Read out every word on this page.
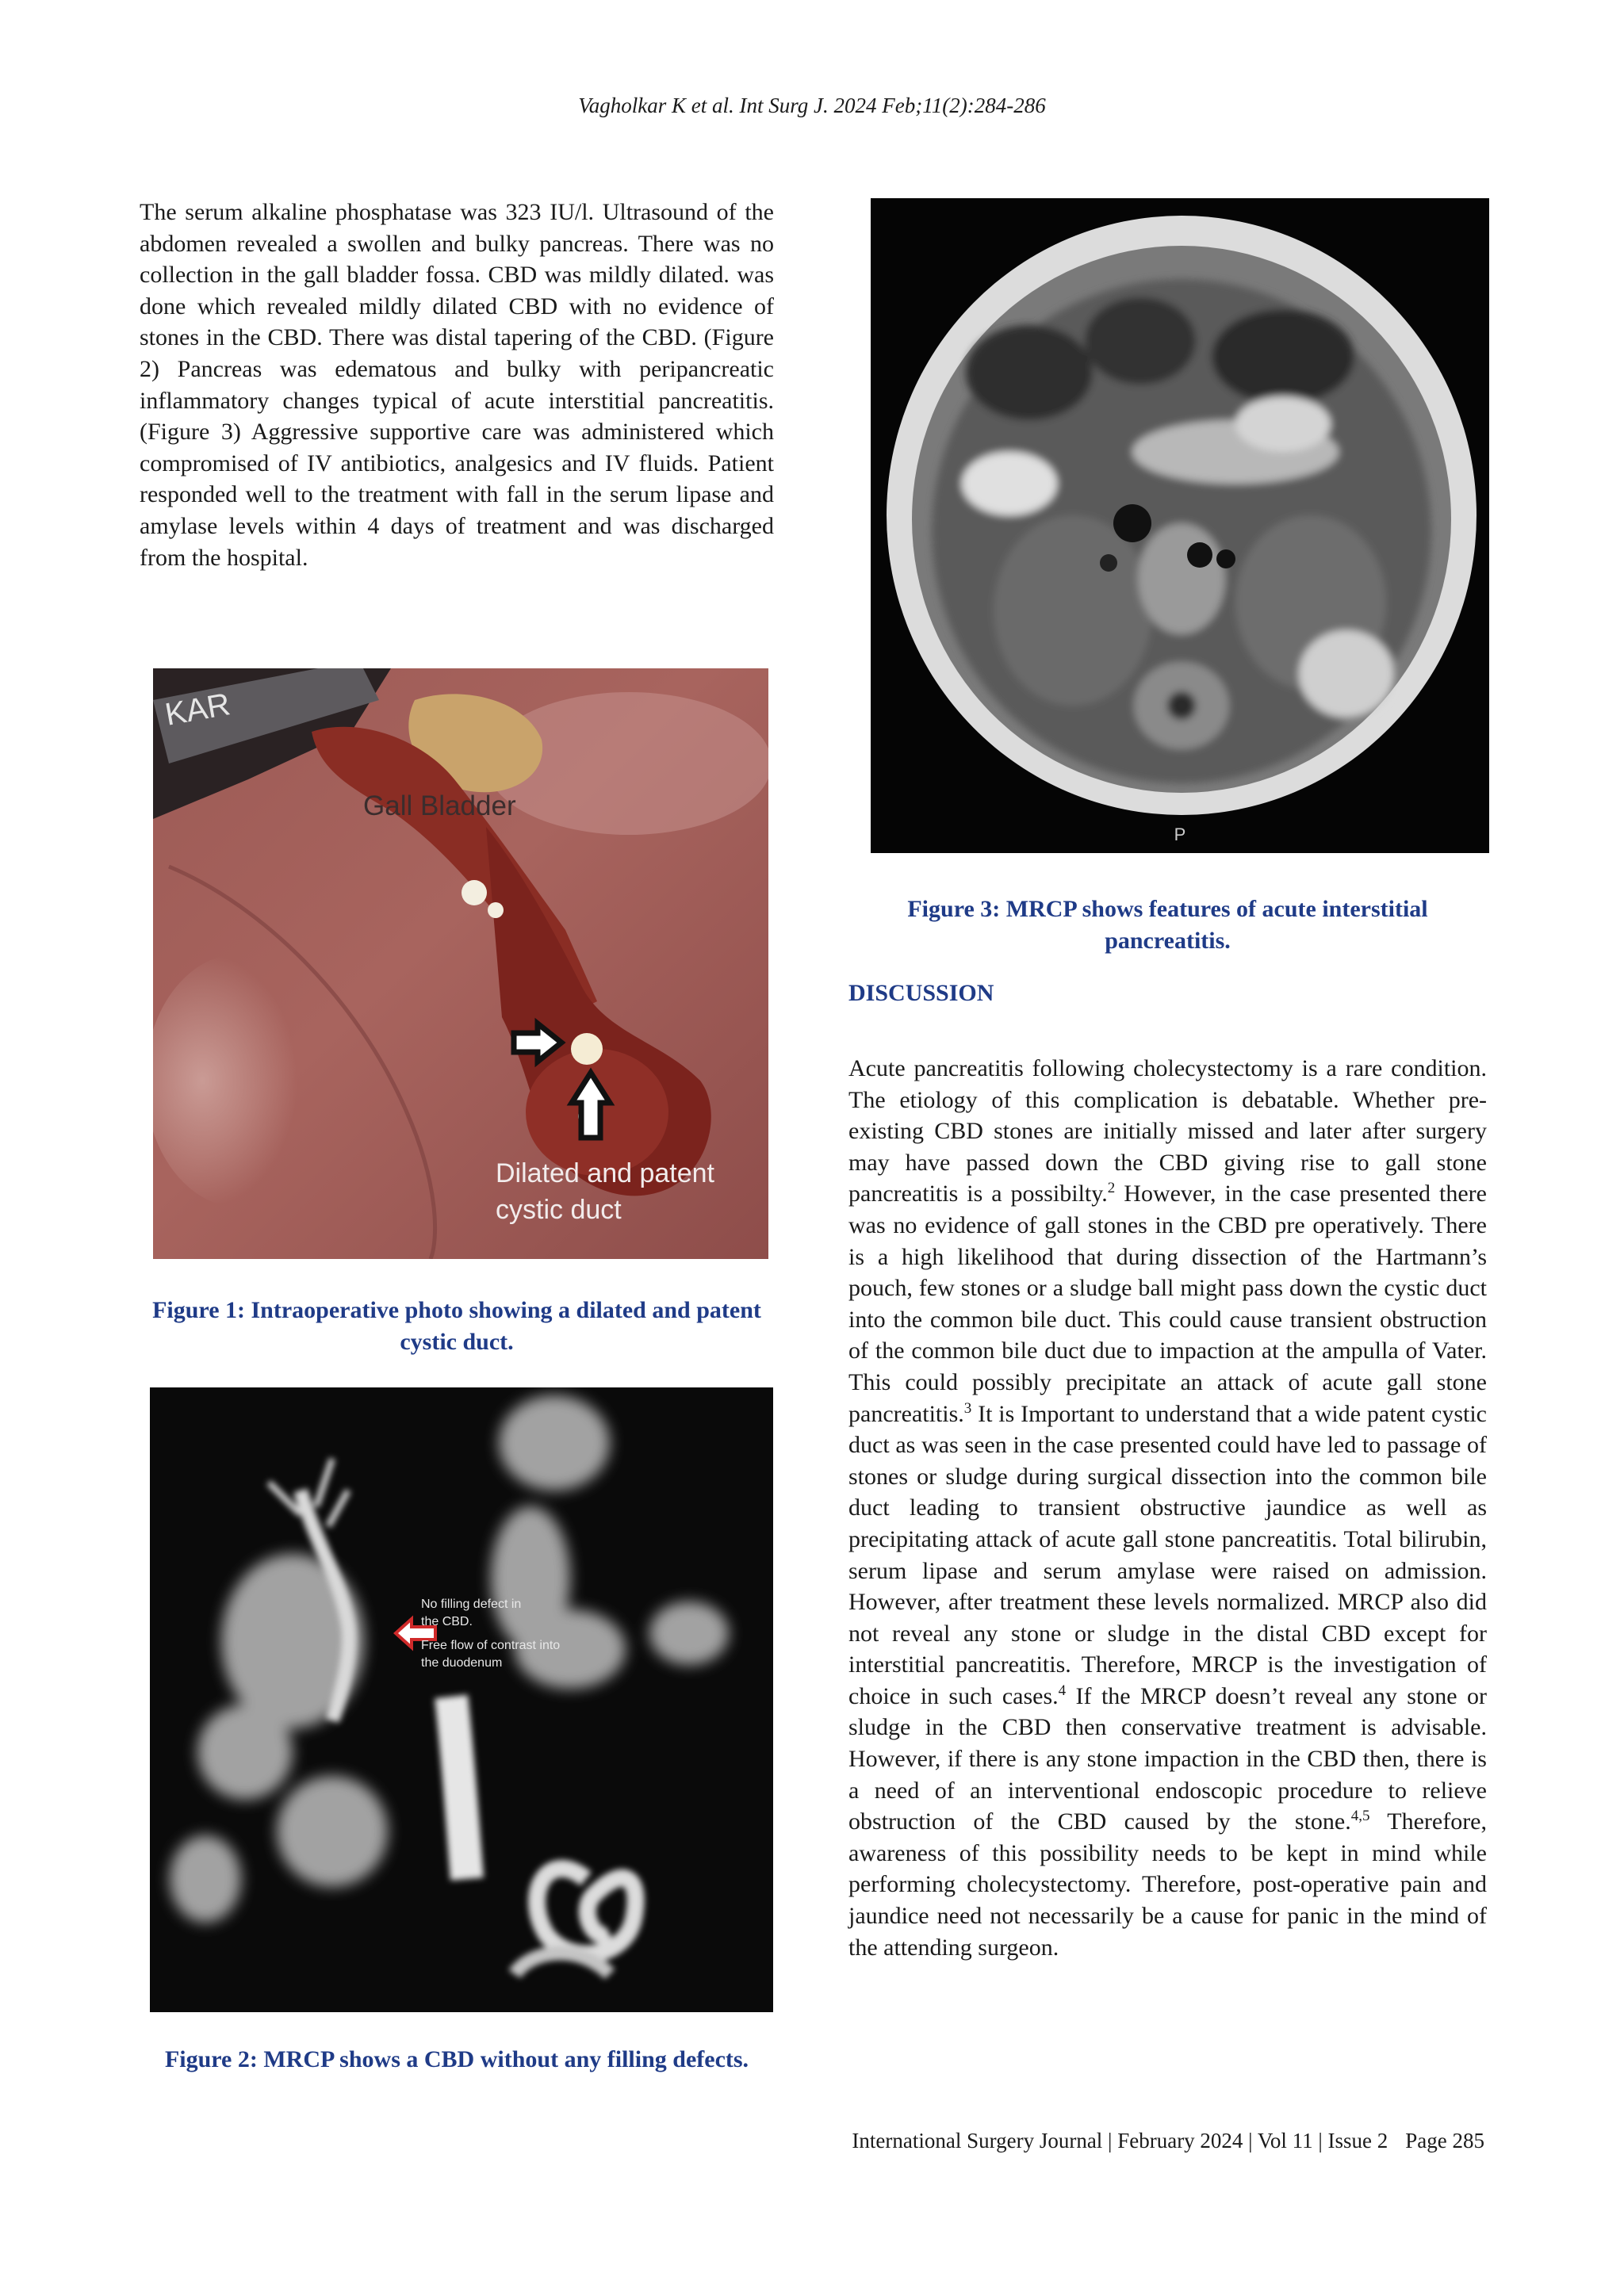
Vagholkar K et al. Int Surg J. 2024 Feb;11(2):284-286

The serum alkaline phosphatase was 323 IU/l. Ultrasound of the abdomen revealed a swollen and bulky pancreas. There was no collection in the gall bladder fossa. CBD was mildly dilated. was done which revealed mildly dilated CBD with no evidence of stones in the CBD. There was distal tapering of the CBD. (Figure 2) Pancreas was edematous and bulky with peripancreatic inflammatory changes typical of acute interstitial pancreatitis. (Figure 3) Aggressive supportive care was administered which compromised of IV antibiotics, analgesics and IV fluids. Patient responded well to the treatment with fall in the serum lipase and amylase levels within 4 days of treatment and was discharged from the hospital.

KAR
Gall Bladder
Dilated and patent
cystic duct
Figure 1: Intraoperative photo showing a dilated and patent cystic duct.
No filling defect in
the CBD.
Free flow of contrast into
the duodenum
Figure 2: MRCP shows a CBD without any filling defects.
P
Figure 3: MRCP shows features of acute interstitial pancreatitis.
DISCUSSION

Acute pancreatitis following cholecystectomy is a rare condition. The etiology of this complication is debatable. Whether pre-existing CBD stones are initially missed and later after surgery may have passed down the CBD giving rise to gall stone pancreatitis is a possibilty.$^2$ However, in the case presented there was no evidence of gall stones in the CBD pre operatively. There is a high likelihood that during dissection of the Hartmann’s pouch, few stones or a sludge ball might pass down the cystic duct into the common bile duct. This could cause transient obstruction of the common bile duct due to impaction at the ampulla of Vater. This could possibly precipitate an attack of acute gall stone pancreatitis.$^3$ It is Important to understand that a wide patent cystic duct as was seen in the case presented could have led to passage of stones or sludge during surgical dissection into the common bile duct leading to transient obstructive jaundice as well as precipitating attack of acute gall stone pancreatitis. Total bilirubin, serum lipase and serum amylase were raised on admission. However, after treatment these levels normalized. MRCP also did not reveal any stone or sludge in the distal CBD except for interstitial pancreatitis. Therefore, MRCP is the investigation of choice in such cases.$^4$ If the MRCP doesn’t reveal any stone or sludge in the CBD then conservative treatment is advisable. However, if there is any stone impaction in the CBD then, there is a need of an interventional endoscopic procedure to relieve obstruction of the CBD caused by the stone.$^{4,5}$ Therefore, awareness of this possibility needs to be kept in mind while performing cholecystectomy. Therefore, post-operative pain and jaundice need not necessarily be a cause for panic in the mind of the attending surgeon.

International Surgery Journal | February 2024 | Vol 11 | Issue 2 Page 285
